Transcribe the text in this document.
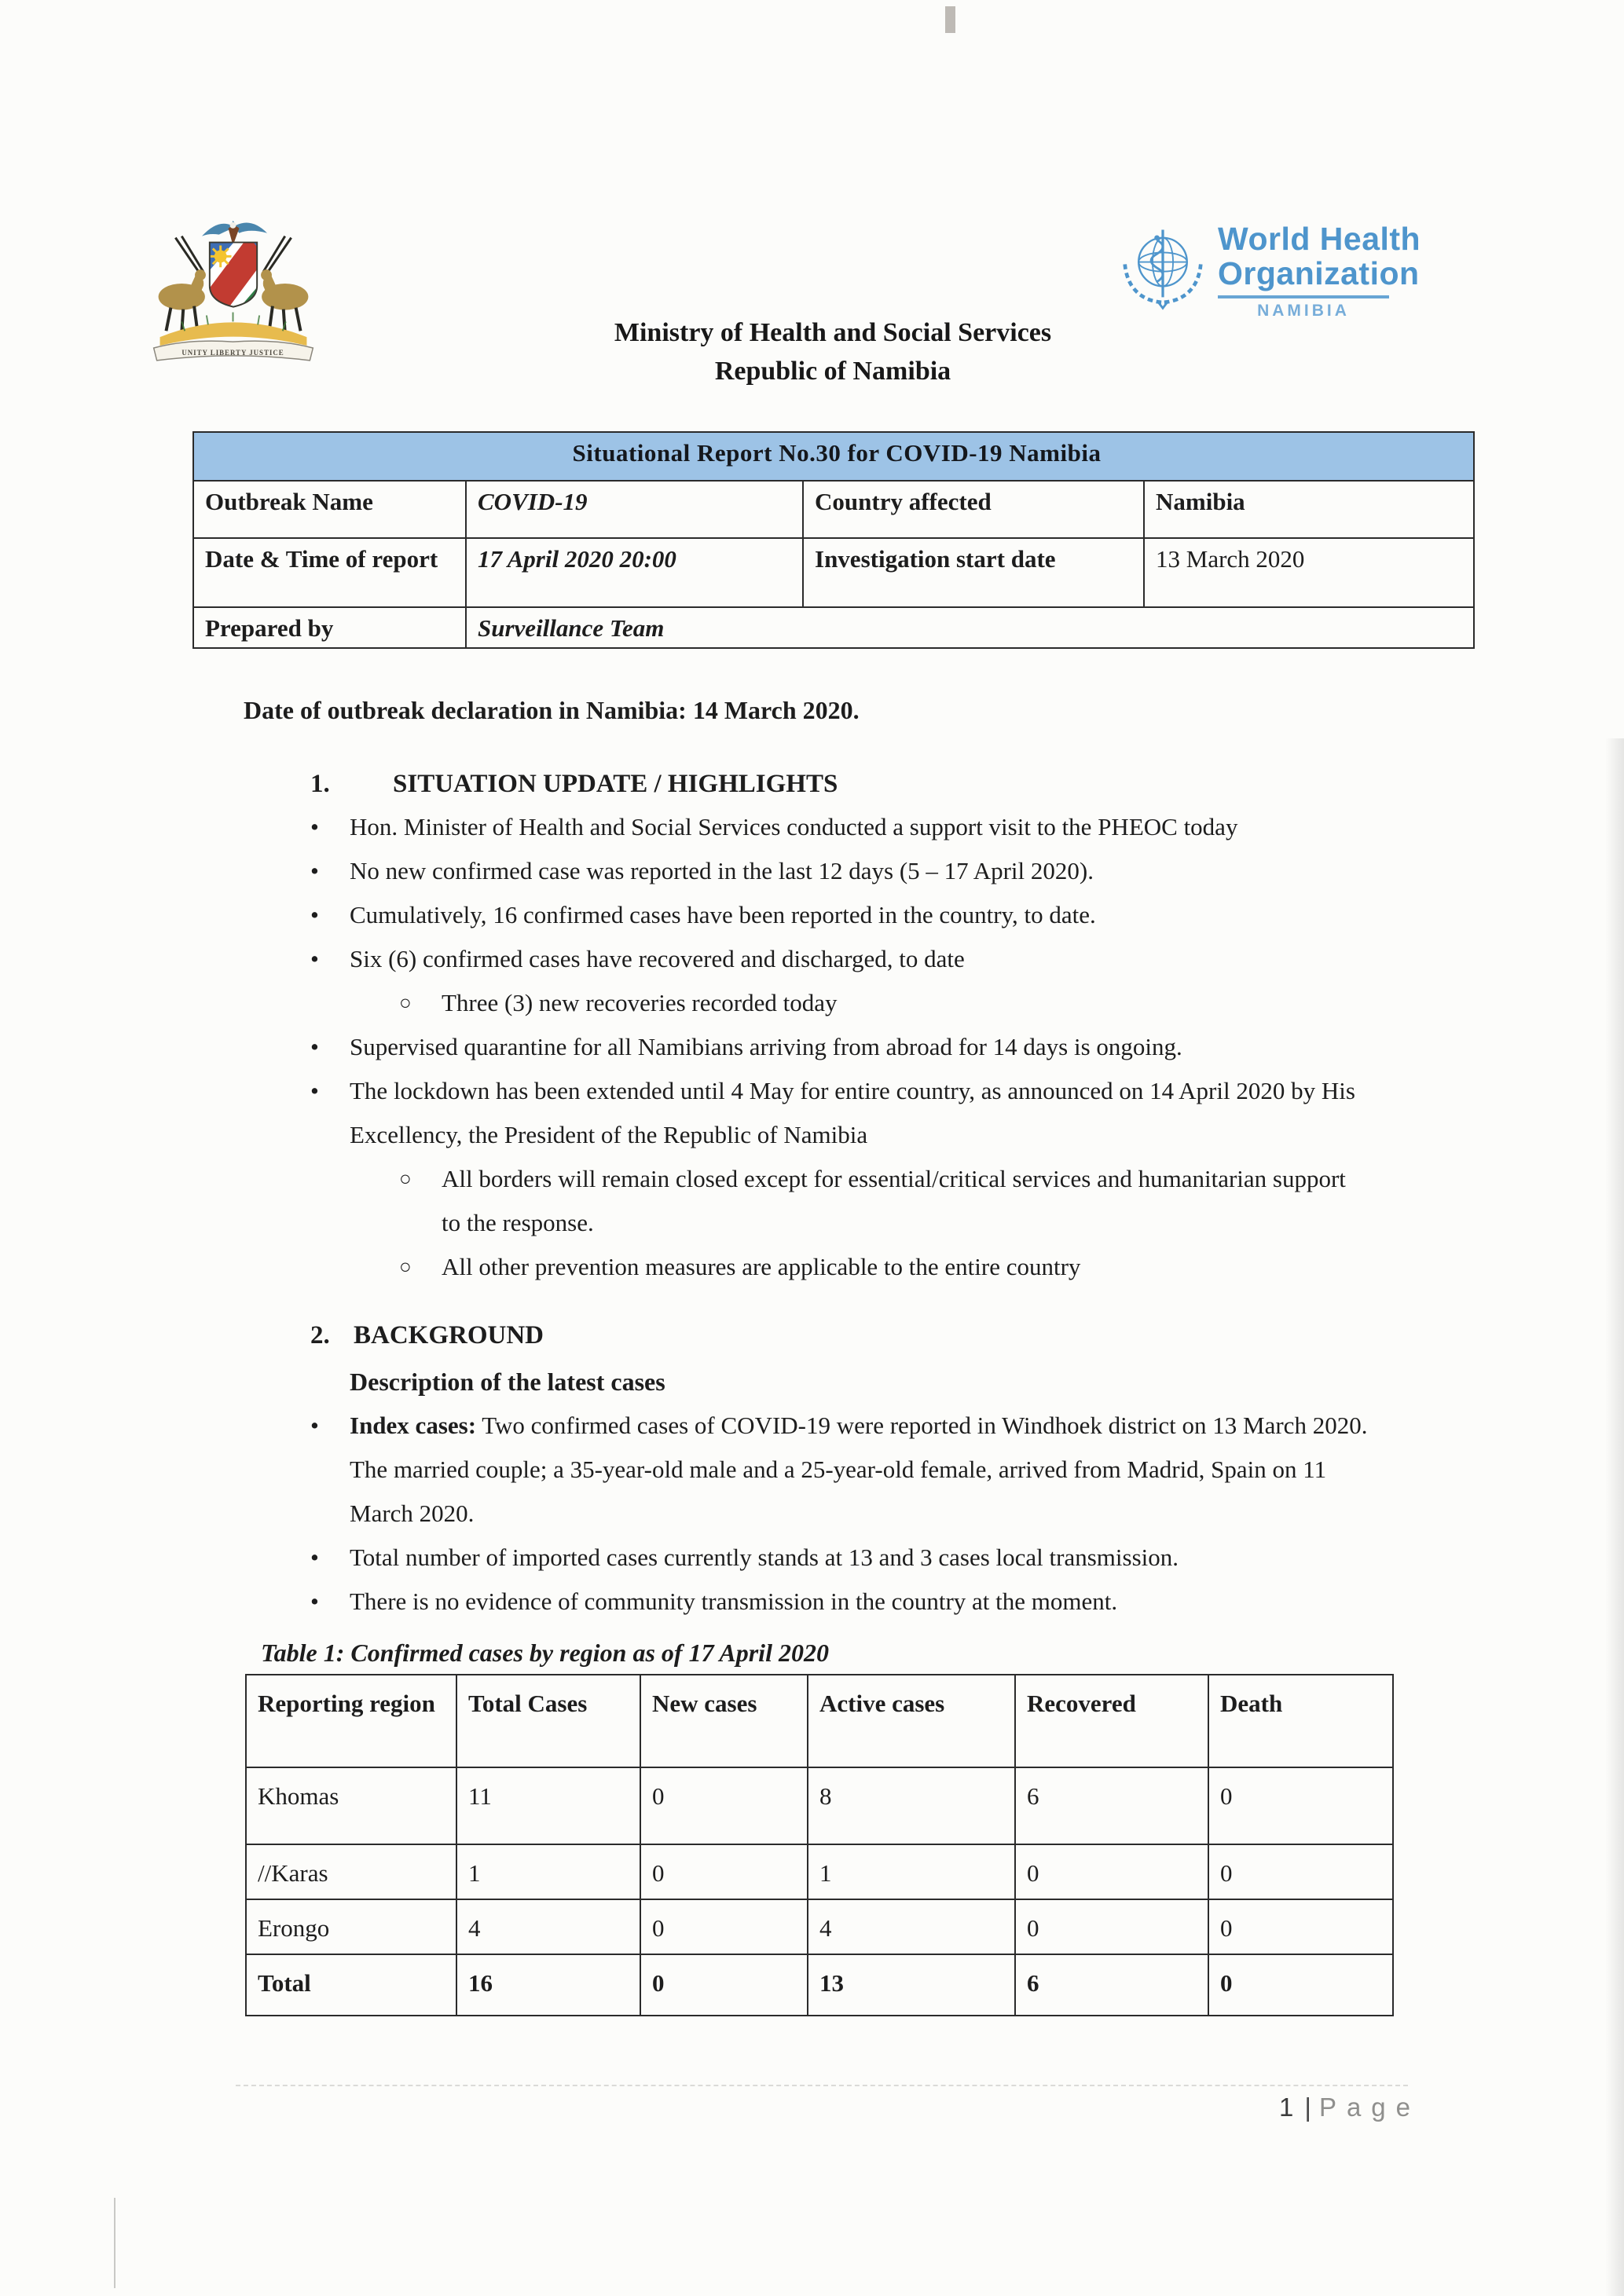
UNITY LIBERTY JUSTICE
World Health
Organization
NAMIBIA
Ministry of Health and Social Services
Republic of Namibia
Situational Report No.30 for COVID-19 Namibia			
Outbreak Name	COVID-19	Country affected	Namibia
Date & Time of report	17 April 2020 20:00	Investigation start date	13 March 2020
Prepared by	Surveillance Team		
Date of outbreak declaration in Namibia: 14 March 2020.
1. SITUATION UPDATE / HIGHLIGHTS
• Hon. Minister of Health and Social Services conducted a support visit to the PHEOC today
• No new confirmed case was reported in the last 12 days (5 – 17 April 2020).
• Cumulatively, 16 confirmed cases have been reported in the country, to date.
• Six (6) confirmed cases have recovered and discharged, to date
○ Three (3) new recoveries recorded today
• Supervised quarantine for all Namibians arriving from abroad for 14 days is ongoing.
• The lockdown has been extended until 4 May for entire country, as announced on 14 April 2020 by His Excellency, the President of the Republic of Namibia
○ All borders will remain closed except for essential/critical services and humanitarian support to the response.
○ All other prevention measures are applicable to the entire country
2. BACKGROUND
Description of the latest cases
• Index cases: Two confirmed cases of COVID-19 were reported in Windhoek district on 13 March 2020. The married couple; a 35-year-old male and a 25-year-old female, arrived from Madrid, Spain on 11 March 2020.
• Total number of imported cases currently stands at 13 and 3 cases local transmission.
• There is no evidence of community transmission in the country at the moment.
Table 1: Confirmed cases by region as of 17 April 2020
Reporting region	Total Cases	New cases	Active cases	Recovered	Death
Khomas	11	0	8	6	0
//Karas	1	0	1	0	0
Erongo	4	0	4	0	0
Total	16	0	13	6	0
1 | Page
